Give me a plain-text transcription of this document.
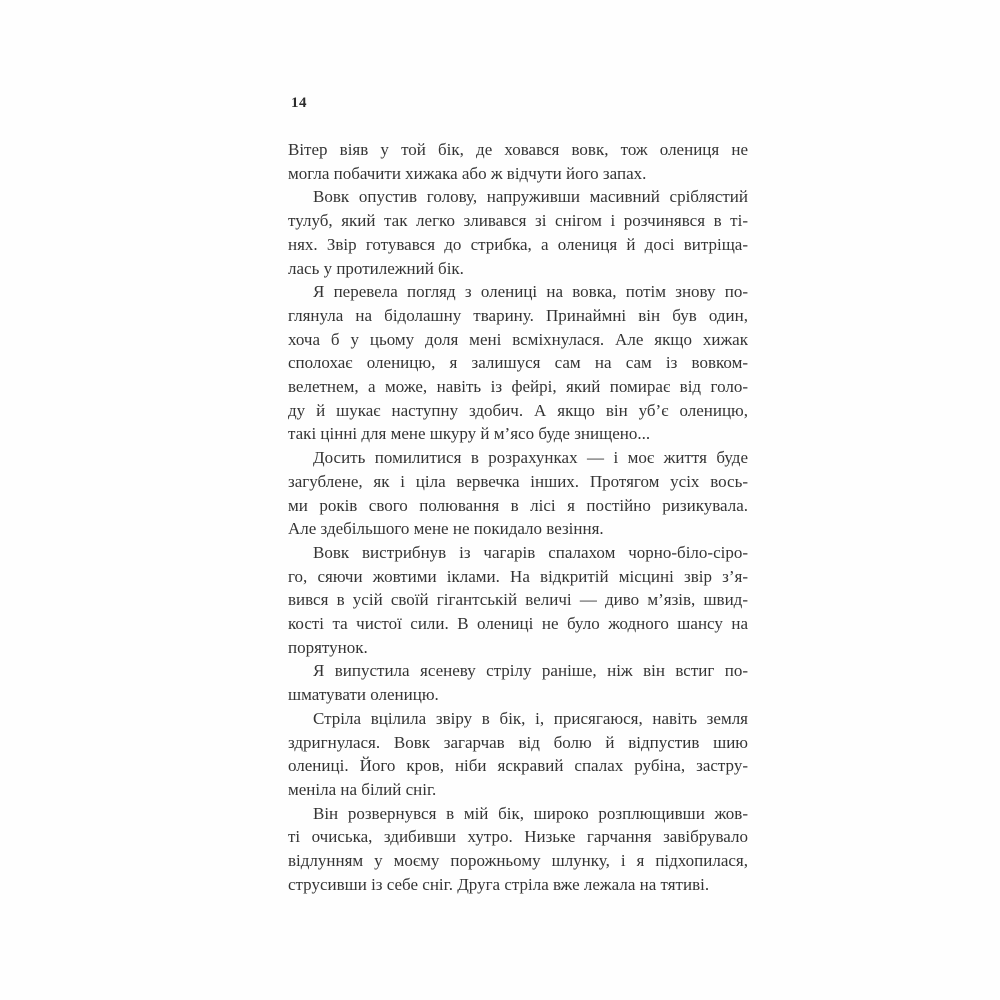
14
Вітер віяв у той бік, де ховався вовк, тож олениця не
могла побачити хижака або ж відчути його запах.
Вовк опустив голову, напруживши масивний сріблястий
тулуб, який так легко зливався зі снігом і розчинявся в ті-
нях. Звір готувався до стрибка, а олениця й досі витріща-
лась у протилежний бік.
Я перевела погляд з олениці на вовка, потім знову по-
глянула на бідолашну тварину. Принаймні він був один,
хоча б у цьому доля мені всміхнулася. Але якщо хижак
сполохає оленицю, я залишуся сам на сам із вовком-
велетнем, а може, навіть із фейрі, який помирає від голо-
ду й шукає наступну здобич. А якщо він уб’є оленицю,
такі цінні для мене шкуру й м’ясо буде знищено...
Досить помилитися в розрахунках — і моє життя буде
загублене, як і ціла вервечка інших. Протягом усіх вось-
ми років свого полювання в лісі я постійно ризикувала.
Але здебільшого мене не покидало везіння.
Вовк вистрибнув із чагарів спалахом чорно-біло-сіро-
го, сяючи жовтими іклами. На відкритій місцині звір з’я-
вився в усій своїй гігантській величі — диво м’язів, швид-
кості та чистої сили. В олениці не було жодного шансу на
порятунок.
Я випустила ясеневу стрілу раніше, ніж він встиг по-
шматувати оленицю.
Стріла вцілила звіру в бік, і, присягаюся, навіть земля
здригнулася. Вовк загарчав від болю й відпустив шию
олениці. Його кров, ніби яскравий спалах рубіна, застру-
меніла на білий сніг.
Він розвернувся в мій бік, широко розплющивши жов-
ті очиська, здибивши хутро. Низьке гарчання завібрувало
відлунням у моєму порожньому шлунку, і я підхопилася,
струсивши із себе сніг. Друга стріла вже лежала на тятиві.
